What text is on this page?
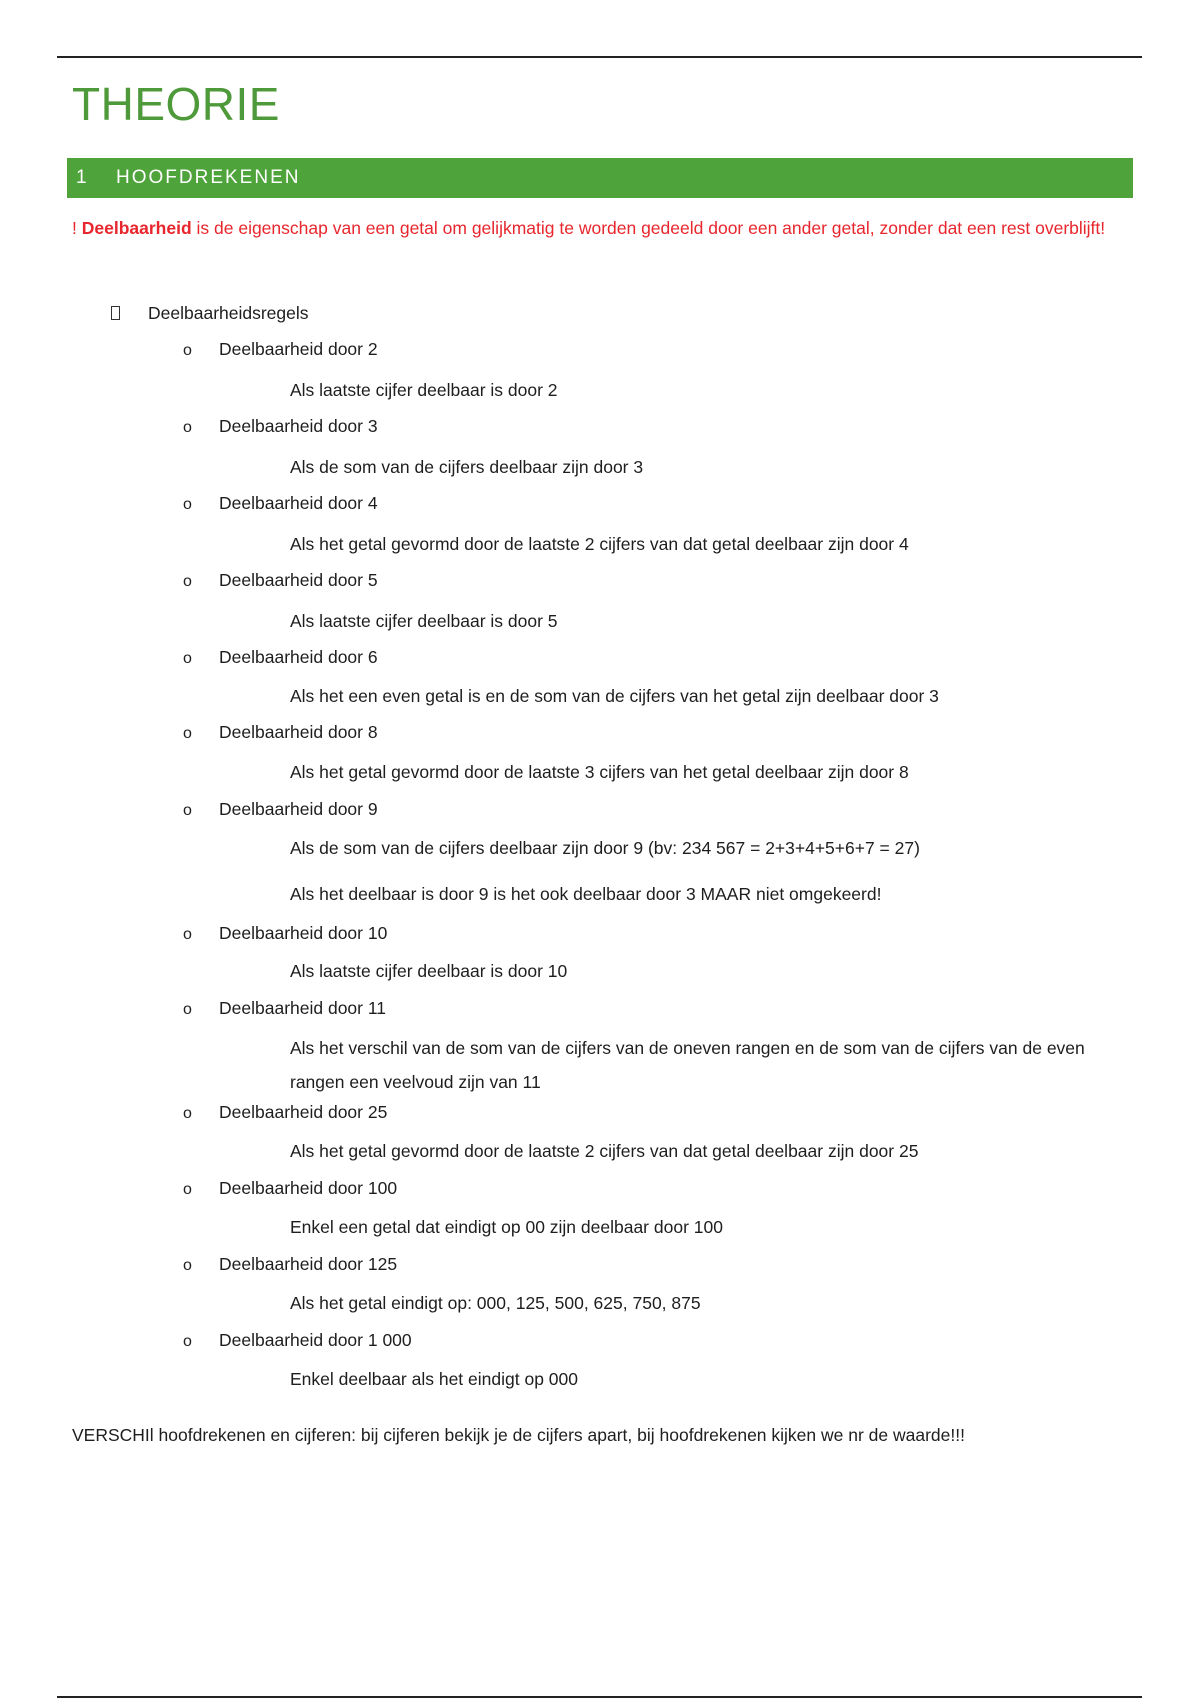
THEORIE
1 HOOFDREKENEN
! Deelbaarheid is de eigenschap van een getal om gelijkmatig te worden gedeeld door een ander getal, zonder dat een rest overblijft!
Deelbaarheidsregels
o Deelbaarheid door 2
Als laatste cijfer deelbaar is door 2
o Deelbaarheid door 3
Als de som van de cijfers deelbaar zijn door 3
o Deelbaarheid door 4
Als het getal gevormd door de laatste 2 cijfers van dat getal deelbaar zijn door 4
o Deelbaarheid door 5
Als laatste cijfer deelbaar is door 5
o Deelbaarheid door 6
Als het een even getal is en de som van de cijfers van het getal zijn deelbaar door 3
o Deelbaarheid door 8
Als het getal gevormd door de laatste 3 cijfers van het getal deelbaar zijn door 8
o Deelbaarheid door 9
Als de som van de cijfers deelbaar zijn door 9 (bv: 234 567 = 2+3+4+5+6+7 = 27)
Als het deelbaar is door 9 is het ook deelbaar door 3 MAAR niet omgekeerd!
o Deelbaarheid door 10
Als laatste cijfer deelbaar is door 10
o Deelbaarheid door 11
Als het verschil van de som van de cijfers van de oneven rangen en de som van de cijfers van de even rangen een veelvoud zijn van 11
o Deelbaarheid door 25
Als het getal gevormd door de laatste 2 cijfers van dat getal deelbaar zijn door 25
o Deelbaarheid door 100
Enkel een getal dat eindigt op 00 zijn deelbaar door 100
o Deelbaarheid door 125
Als het getal eindigt op: 000, 125, 500, 625, 750, 875
o Deelbaarheid door 1 000
Enkel deelbaar als het eindigt op 000
VERSCHIl hoofdrekenen en cijferen: bij cijferen bekijk je de cijfers apart, bij hoofdrekenen kijken we nr de waarde!!!
